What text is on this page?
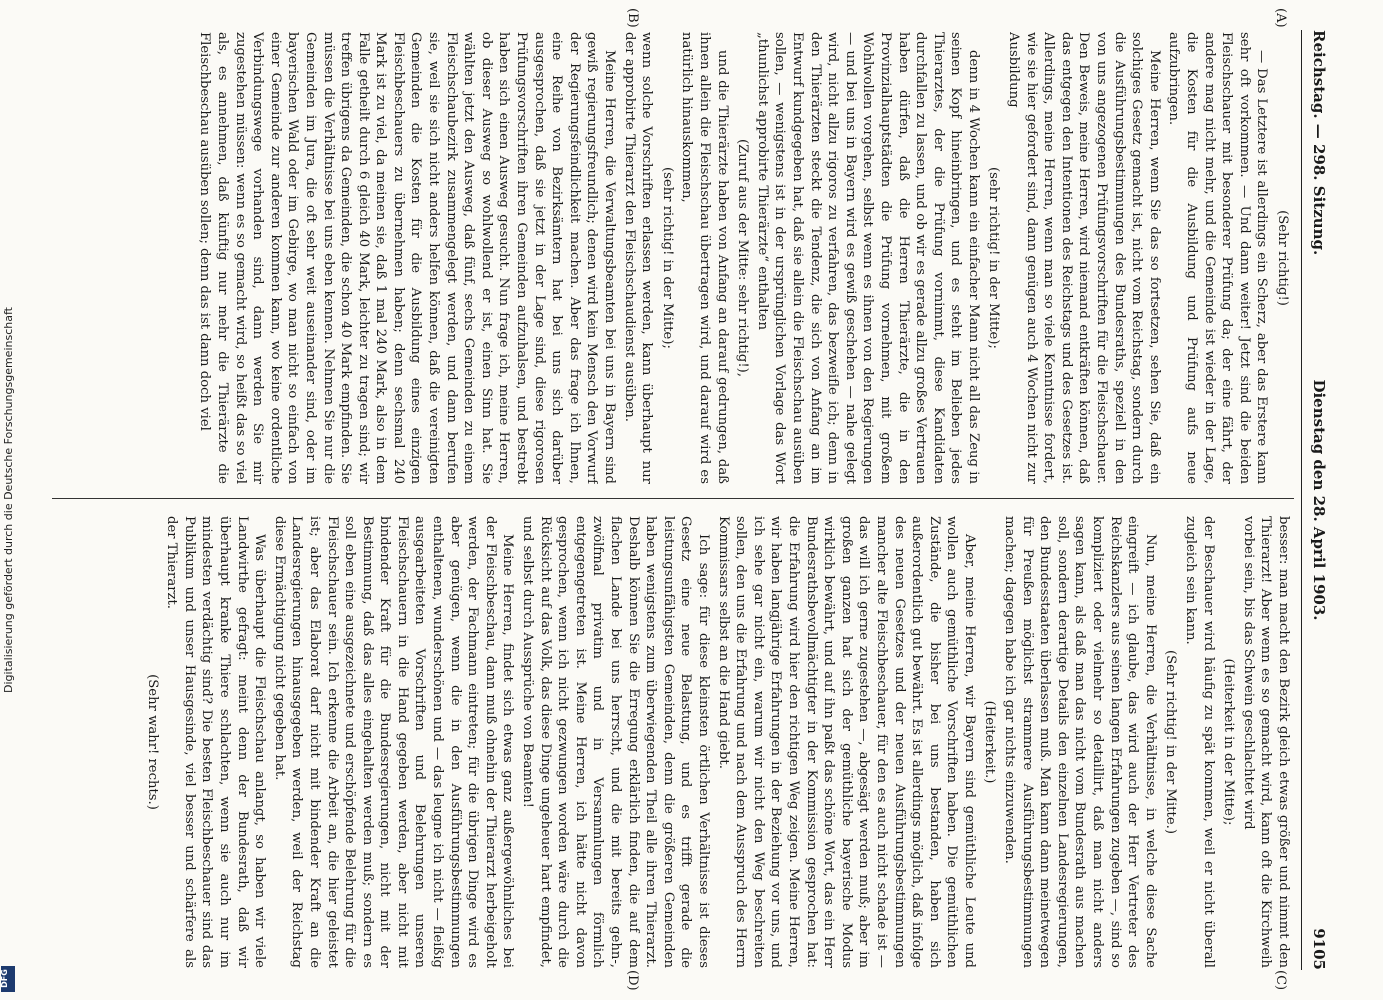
Digitalisierung gefördert durch die Deutsche Forschungsgemeinschaft
DFG
Reichstag. — 298. Sitzung.
Dienstag den 28. April 1903.
9105
(A)
(B)
(C)
(D)

(Sehr richtig!)

— Das Letztere ist allerdings ein Scherz, aber das Erstere kann sehr oft vorkommen. — Und dann weiter! Jetzt sind die beiden Fleischschauer mit besonderer Prüfung da; der eine fährt, der andere mag nicht mehr, und die Gemeinde ist wieder in der Lage, die Kosten für die Ausbildung und Prüfung aufs neue aufzubringen.

Meine Herren, wenn Sie das so fortsetzen, sehen Sie, daß ein solchiges Gesetz gemacht ist, nicht vom Reichstag, sondern durch die Ausführungsbestimmungen des Bundesraths, speziell in den von uns angezogenen Prüfungsvorschriften für die Fleischschauer. Den Beweis, meine Herren, wird niemand entkräften können, daß das entgegen den Intentionen des Reichstags und des Gesetzes ist. Allerdings, meine Herren, wenn man so viele Kenntnisse fordert, wie sie hier gefordert sind, dann genügen auch 4 Wochen nicht zur Ausbildung

(sehr richtig! in der Mitte);

denn in 4 Wochen kann ein einfacher Mann nicht all das Zeug in seinen Kopf hineinbringen, und es steht im Belieben jedes Thierarztes, der die Prüfung vornimmt, diese Kandidaten durchfallen zu lassen, und ob wir es gerade allzu großes Vertrauen haben dürfen, daß die Herren Thierärzte, die in den Provinzialhauptstädten die Prüfung vornehmen, mit großem Wohlwollen vorgehen, selbst wenn es ihnen von den Regierungen — und bei uns in Bayern wird es gewiß geschehen — nahe gelegt wird, nicht allzu rigoros zu verfahren, das bezweifle ich; denn in den Thierärzten steckt die Tendenz, die sich von Anfang an im Entwurf kundgegeben hat, daß sie allein die Fleischschau ausüben sollen, — wenigstens ist in der ursprünglichen Vorlage das Wort „thunlichst approbirte Thierärzte“ enthalten

(Zuruf aus der Mitte: sehr richtig!),

und die Thierärzte haben von Anfang an darauf gedrungen, daß ihnen allein die Fleischschau übertragen wird, und darauf wird es natürlich hinauskommen,

(sehr richtig! in der Mitte);

wenn solche Vorschriften erlassen werden, kann überhaupt nur der approbirte Thierarzt den Fleischschaudienst ausüben.

Meine Herren, die Verwaltungsbeamten bei uns in Bayern sind gewiß regierungsfreundlich; denen wird kein Mensch den Vorwurf der Regierungsfeindlichkeit machen. Aber das frage ich Ihnen, eine Reihe von Bezirksämtern hat bei uns sich darüber ausgesprochen, daß sie jetzt in der Lage sind, diese rigorosen Prüfungsvorschriften ihren Gemeinden aufzuhalsen, und bestrebt haben sich einen Ausweg gesucht. Nun frage ich, meine Herren, ob dieser Ausweg so wohlwollend er ist, einen Sinn hat. Sie wählten jetzt den Ausweg, daß fünf, sechs Gemeinden zu einem Fleischschaubezirk zusammengelegt werden, und dann berufen sie, weil sie sich nicht anders helfen können, daß die vereinigten Gemeinden die Kosten für die Ausbildung eines einzigen Fleischbeschauers zu übernehmen haben; denn sechsmal 240 Mark ist zu viel, da meinen sie, daß 1 mal 240 Mark, also in dem Falle getheilt durch 6 gleich 40 Mark, leichter zu tragen sind; wir treffen übrigens da Gemeinden, die schon 40 Mark empfinden. Sie müssen die Verhältnisse bei uns eben kennen. Nehmen Sie nur die Gemeinden im Jura, die oft sehr weit auseinander sind, oder im bayerischen Wald oder im Gebirge, wo man nicht so einfach von einer Gemeinde zur anderen kommen kann, wo keine ordentliche Verbindungswege vorhanden sind, dann werden Sie mir zugestehen müssen: wenn es so gemacht wird, so heißt das so viel als, es annehmen, daß künftig nur mehr die Thierärzte die Fleischbeschau ausüben sollen; denn das ist dann doch viel

besser: man macht den Bezirk gleich etwas größer und nimmt den Thierarzt! Aber wenn es so gemacht wird, kann oft die Kirchweih vorbei sein, bis das Schwein geschlachtet wird

(Heiterkeit in der Mitte);

der Beschauer wird häufig zu spät kommen, weil er nicht überall zugleich sein kann.

(Sehr richtig! in der Mitte.)

Nun, meine Herren, die Verhältnisse, in welche diese Sache eingreift — ich glaube, das wird auch der Herr Vertreter des Reichskanzlers aus seinen langen Erfahrungen zugeben —, sind so kompliziert oder vielmehr so detaillirt, daß man nicht anders sagen kann, als daß man das nicht vom Bundesrath aus machen soll, sondern derartige Details den einzelnen Landesregierungen, den Bundesstaaten überlassen muß. Man kann dann meinetwegen für Preußen möglichst strammere Ausführungsbestimmungen machen; dagegen habe ich gar nichts einzuwenden.

(Heiterkeit.)

Aber, meine Herren, wir Bayern sind gemüthliche Leute und wollen auch gemüthliche Vorschriften haben. Die gemüthlichen Zustände, die bisher bei uns bestanden, haben sich außerordentlich gut bewährt. Es ist allerdings möglich, daß infolge des neuen Gesetzes und der neuen Ausführungsbestimmungen mancher alte Fleischbeschauer, für den es auch nicht schade ist — das will ich gerne zugestehen —, abgesägt werden muß; aber im großen ganzen hat sich der gemüthliche bayerische Modus wirklich bewährt, und auf ihn paßt das schöne Wort, das ein Herr Bundesrathsbevollmächtigter in der Kommission gesprochen hat: die Erfahrung wird hier den richtigen Weg zeigen. Meine Herren, wir haben langjährige Erfahrungen in der Beziehung vor uns, und ich sehe gar nicht ein, warum wir nicht den Weg beschreiten sollen, den uns die Erfahrung und nach dem Ausspruch des Herrn Kommissars selbst an die Hand giebt.

Ich sage: für diese kleinsten örtlichen Verhältnisse ist dieses Gesetz eine neue Belastung, und es trifft gerade die leistungsunfähigsten Gemeinden, denn die größeren Gemeinden haben wenigstens zum überwiegenden Theil alle ihren Thierarzt. Deshalb können Sie die Erregung erklärlich finden, die auf dem flachen Lande bei uns herrscht, und die mit bereits gehn-, zwölfmal privatim und in Versammlungen förmlich entgegengetreten ist. Meine Herren, ich hätte nicht davon gesprochen, wenn ich nicht gezwungen worden wäre durch die Rücksicht auf das Volk, das diese Dinge ungeheuer hart empfindet, und selbst durch Aussprüche von Beamten!

Meine Herren, findet sich etwas ganz außergewöhnliches bei der Fleischbeschau, dann muß ohnehin der Thierarzt herbeigeholt werden, der Fachmann eintreten; für die übrigen Dinge wird es aber genügen, wenn die in den Ausführungsbestimmungen enthaltenen, wunderschönen und — das leugne ich nicht — fleißig ausgearbeiteten Vorschriften und Belehrungen unseren Fleischschauern in die Hand gegeben werden, aber nicht mit bindender Kraft für die Bundesregierungen, nicht mit der Bestimmung, daß das alles eingehalten werden muß; sondern es soll eben eine ausgezeichnete und erschöpfende Belehrung für die Fleischschauer sein. Ich erkenne die Arbeit an, die hier geleistet ist; aber das Elaborat darf nicht mit bindender Kraft an die Landesregierungen hinausgegeben werden, weil der Reichstag diese Ermächtigung nicht gegeben hat.

Was überhaupt die Fleischschau anlangt, so haben wir viele Landwirthe gefragt: meint denn der Bundesrath, daß wir überhaupt kranke Thiere schlachten, wenn sie auch nur im mindesten verdächtig sind? Die besten Fleischbeschauer sind das Publikum und unser Hausgesinde, viel besser und schärfere als der Thierarzt.

(Sehr wahr! rechts.)
